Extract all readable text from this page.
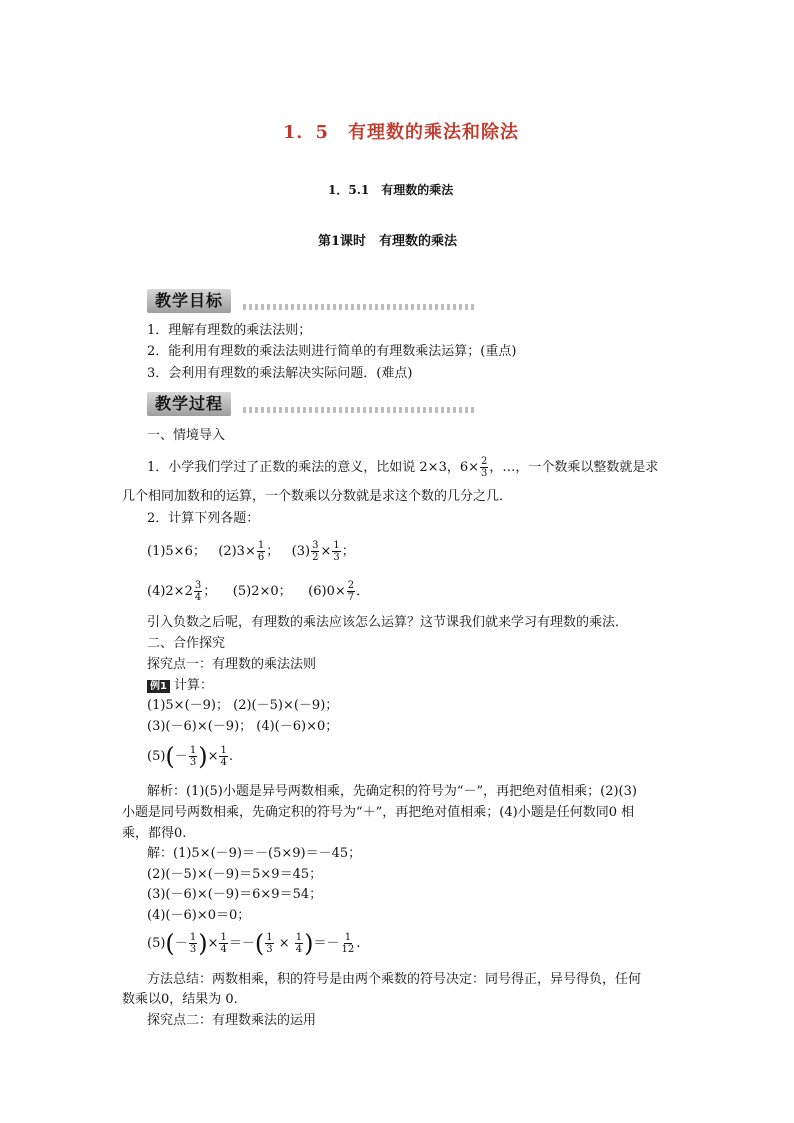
1．5　有理数的乘法和除法
1．5.1　有理数的乘法
第1课时　有理数的乘法
教学目标
1．理解有理数的乘法法则；
2．能利用有理数的乘法法则进行简单的有理数乘法运算；(重点)
3．会利用有理数的乘法解决实际问题．(难点)
教学过程
一、情境导入
1．小学我们学过了正数的乘法的意义，比如说 2×3，$6\times \frac{2}{3}$ ，…，一个数乘以整数就是求
几个相同加数和的运算，一个数乘以分数就是求这个数的几分之几．
2．计算下列各题：
(1)5×6； $(2)3\times \frac{1}{6}$ ； $(3) \frac{3}{2} \times \frac{1}{3}$ ；
$(4)2\times 2 \frac{3}{4}$ ； (5)2×0； $(6)0\times \frac{2}{7}$ ．
引入负数之后呢，有理数的乘法应该怎么运算？这节课我们就来学习有理数的乘法．
二、合作探究
探究点一：有理数的乘法法则
例1 计算：
(1)5×(－9)； (2)(－5)×(－9)；
(3)(－6)×(－9)； (4)(－6)×0；
$(5)(- \frac{1}{3}$ )× $\frac{1}{4}$ .
解析：(1)(5)小题是异号两数相乘，先确定积的符号为“－”，再把绝对值相乘；(2)(3)
小题是同号两数相乘，先确定积的符号为“＋”，再把绝对值相乘；(4)小题是任何数同0 相
乘，都得0.
解：(1)5×(－9)＝－(5×9)＝－45；
(2)(－5)×(－9)＝5×9＝45；
(3)(－6)×(－9)＝6×9＝54；
(4)(－6)×0＝0；
$(5)(- \frac{1}{3}$ )× $\frac{1}{4}$ ＝－( $\frac{1}{3} \times \frac{1}{4}$ )＝－ $\frac{1}{12}$ .
方法总结：两数相乘，积的符号是由两个乘数的符号决定：同号得正，异号得负，任何
数乘以0，结果为 0.
探究点二：有理数乘法的运用
